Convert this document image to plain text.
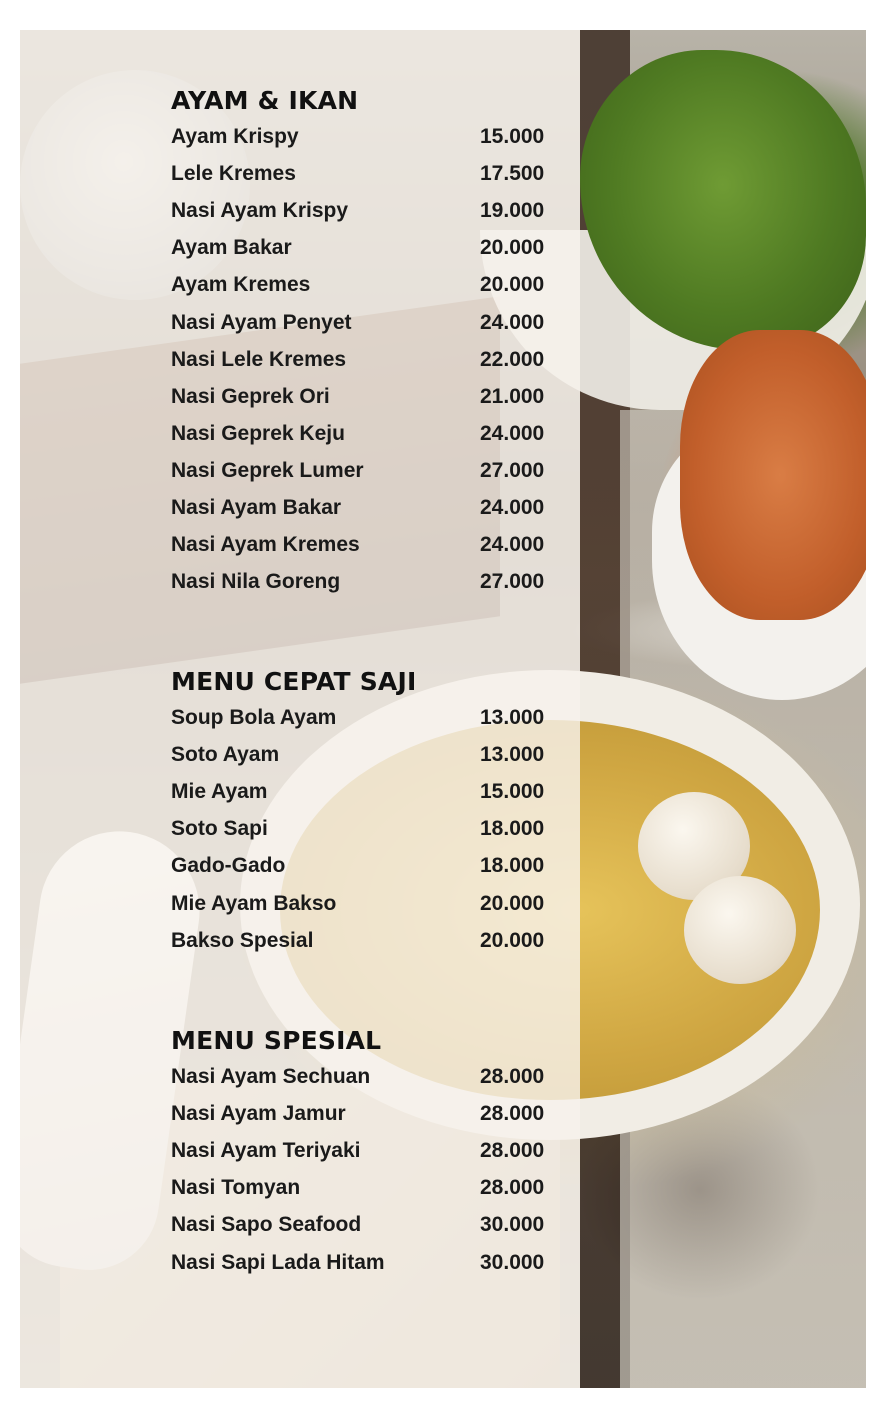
AYAM & IKAN
Ayam Krispy	15.000
Lele Kremes	17.500
Nasi Ayam Krispy	19.000
Ayam Bakar	20.000
Ayam Kremes	20.000
Nasi Ayam Penyet	24.000
Nasi Lele Kremes	22.000
Nasi Geprek Ori	21.000
Nasi Geprek Keju	24.000
Nasi Geprek Lumer	27.000
Nasi Ayam Bakar	24.000
Nasi Ayam Kremes	24.000
Nasi Nila Goreng	27.000
MENU CEPAT SAJI
Soup Bola Ayam	13.000
Soto Ayam	13.000
Mie Ayam	15.000
Soto Sapi	18.000
Gado-Gado	18.000
Mie Ayam Bakso	20.000
Bakso Spesial	20.000
MENU SPESIAL
Nasi Ayam Sechuan	28.000
Nasi Ayam Jamur	28.000
Nasi Ayam Teriyaki	28.000
Nasi Tomyan	28.000
Nasi Sapo Seafood	30.000
Nasi Sapi Lada Hitam	30.000
